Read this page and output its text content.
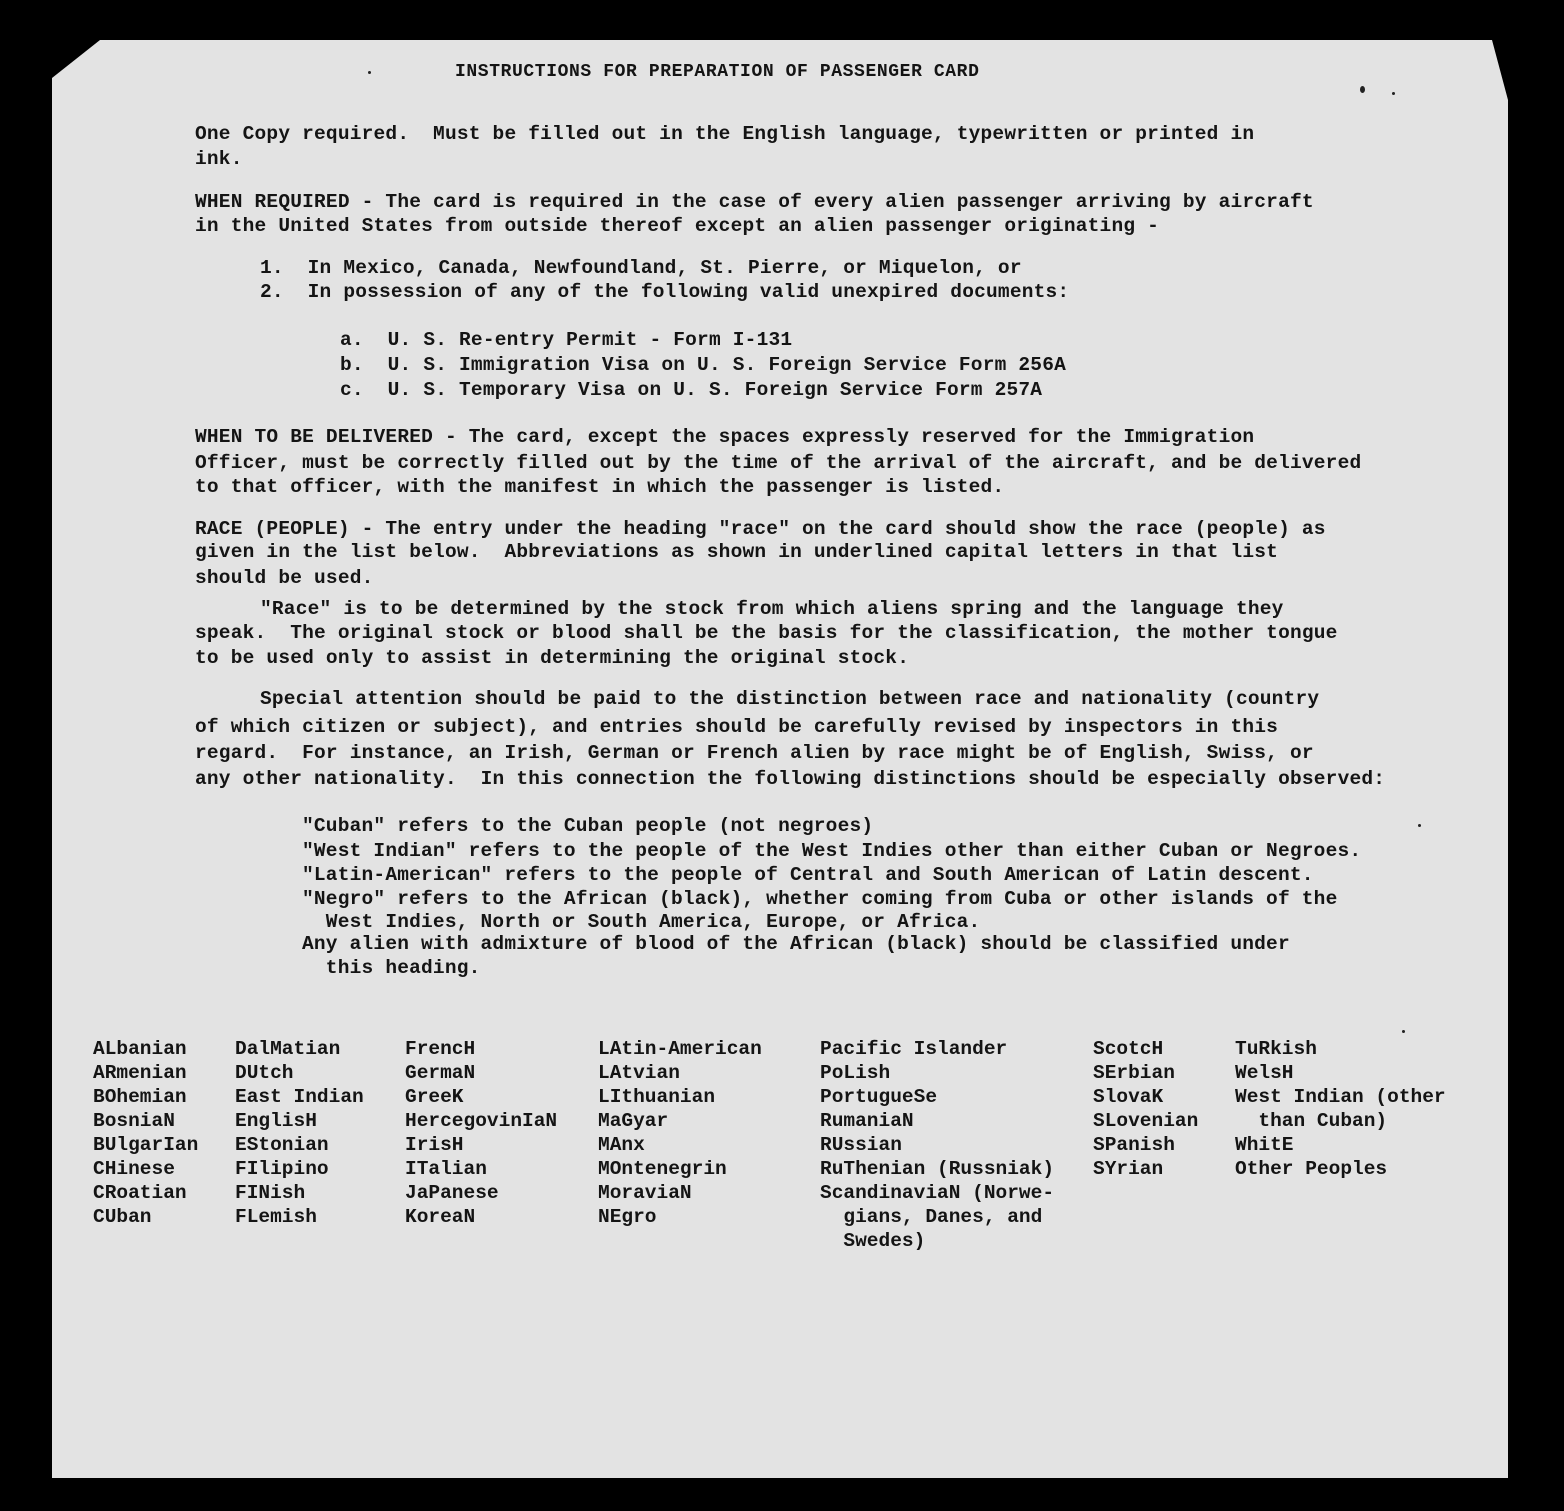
INSTRUCTIONS FOR PREPARATION OF PASSENGER CARD
One Copy required.  Must be filled out in the English language, typewritten or printed in
ink.
WHEN REQUIRED - The card is required in the case of every alien passenger arriving by aircraft
in the United States from outside thereof except an alien passenger originating -
1.  In Mexico, Canada, Newfoundland, St. Pierre, or Miquelon, or
2.  In possession of any of the following valid unexpired documents:
a.  U. S. Re-entry Permit - Form I-131
b.  U. S. Immigration Visa on U. S. Foreign Service Form 256A
c.  U. S. Temporary Visa on U. S. Foreign Service Form 257A
WHEN TO BE DELIVERED - The card, except the spaces expressly reserved for the Immigration
Officer, must be correctly filled out by the time of the arrival of the aircraft, and be delivered
to that officer, with the manifest in which the passenger is listed.
RACE (PEOPLE) - The entry under the heading "race" on the card should show the race (people) as
given in the list below.  Abbreviations as shown in underlined capital letters in that list
should be used.
"Race" is to be determined by the stock from which aliens spring and the language they
speak.  The original stock or blood shall be the basis for the classification, the mother tongue
to be used only to assist in determining the original stock.
Special attention should be paid to the distinction between race and nationality (country
of which citizen or subject), and entries should be carefully revised by inspectors in this
regard.  For instance, an Irish, German or French alien by race might be of English, Swiss, or
any other nationality.  In this connection the following distinctions should be especially observed:
"Cuban" refers to the Cuban people (not negroes)
"West Indian" refers to the people of the West Indies other than either Cuban or Negroes.
"Latin-American" refers to the people of Central and South American of Latin descent.
"Negro" refers to the African (black), whether coming from Cuba or other islands of the
West Indies, North or South America, Europe, or Africa.
Any alien with admixture of blood of the African (black) should be classified under
this heading.
ALbanian
ARmenian
BOhemian
BosniaN
BUlgarIan
CHinese
CRoatian
CUban
DalMatian
DUtch
East Indian
EnglisH
EStonian
FIlipino
FINish
FLemish
FrencH
GermaN
GreeK
HercegovinIaN
IrisH
ITalian
JaPanese
KoreaN
LAtin-American
LAtvian
LIthuanian
MaGyar
MAnx
MOntenegrin
MoraviaN
NEgro
Pacific Islander
PoLish
PortugueSe
RumaniaN
RUssian
RuThenian (Russniak)
ScandinaviaN (Norwe-
gians, Danes, and
Swedes)
ScotcH
SErbian
SlovaK
SLovenian
SPanish
SYrian
TuRkish
WelsH
West Indian (other
than Cuban)
WhitE
Other Peoples
